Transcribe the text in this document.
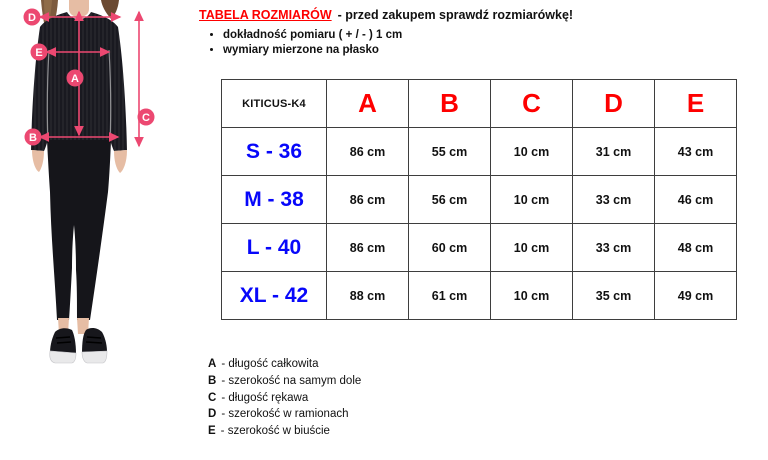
D
E
A
B
C
TABELA ROZMIARÓW - przed zakupem sprawdź rozmiarówkę!
• dokładność pomiaru ( + / - ) 1 cm
• wymiary mierzone na płasko
KITICUS-K4	A	B	C	D	E
S - 36	86 cm	55 cm	10 cm	31 cm	43 cm
M - 38	86 cm	56 cm	10 cm	33 cm	46 cm
L - 40	86 cm	60 cm	10 cm	33 cm	48 cm
XL - 42	88 cm	61 cm	10 cm	35 cm	49 cm
A - długość całkowita
B - szerokość na samym dole
C - długość rękawa
D - szerokość w ramionach
E - szerokość w biuście
